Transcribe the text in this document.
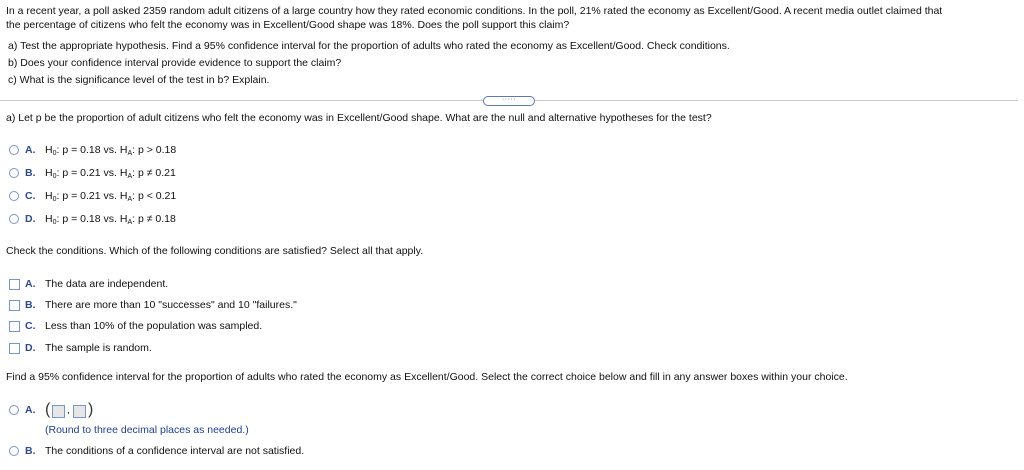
In a recent year, a poll asked 2359 random adult citizens of a large country how they rated economic conditions. In the poll, 21% rated the economy as Excellent/Good. A recent media outlet claimed that
the percentage of citizens who felt the economy was in Excellent/Good shape was 18%. Does the poll support this claim?
a) Test the appropriate hypothesis. Find a 95% confidence interval for the proportion of adults who rated the economy as Excellent/Good. Check conditions.
b) Does your confidence interval provide evidence to support the claim?
c) What is the significance level of the test in b? Explain.
·····
a) Let p be the proportion of adult citizens who felt the economy was in Excellent/Good shape. What are the null and alternative hypotheses for the test?
A. $H_0$: p = 0.18 vs. $H_A$: p > 0.18
B. $H_0$: p = 0.21 vs. $H_A$: p ≠ 0.21
C. $H_0$: p = 0.21 vs. $H_A$: p < 0.21
D. $H_0$: p = 0.18 vs. $H_A$: p ≠ 0.18
Check the conditions. Which of the following conditions are satisfied? Select all that apply.
A. The data are independent.
B. There are more than 10 "successes" and 10 "failures."
C. Less than 10% of the population was sampled.
D. The sample is random.
Find a 95% confidence interval for the proportion of adults who rated the economy as Excellent/Good. Select the correct choice below and fill in any answer boxes within your choice.
A. ( , )
(Round to three decimal places as needed.)
B. The conditions of a confidence interval are not satisfied.
